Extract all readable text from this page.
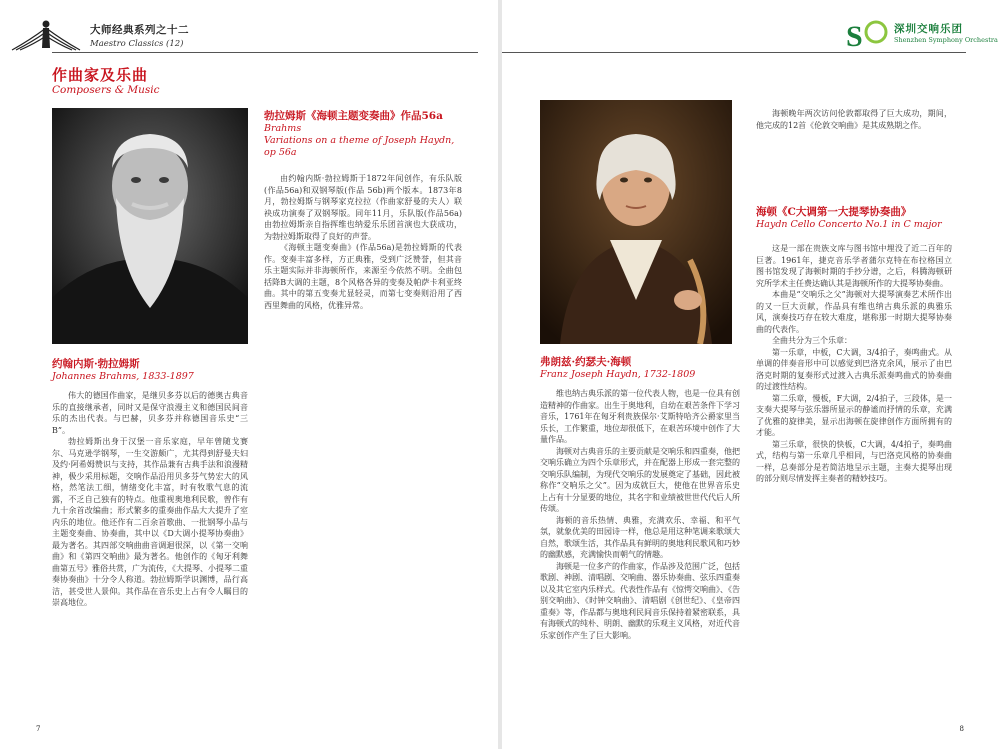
大师经典系列之十二
Maestro Classics (12)
作曲家及乐曲
Composers & Music
勃拉姆斯《海顿主题变奏曲》作品56a
Brahms
Variations on a theme of Joseph Haydn,
op 56a

由约翰内斯·勃拉姆斯于1872年间创作，有乐队版(作品56a)和双钢琴版(作品 56b)两个版本。1873年8月，勃拉姆斯与钢琴家克拉拉（作曲家舒曼的夫人）联袂成功演奏了双钢琴版。同年11月，乐队版(作品56a)由勃拉姆斯亲自指挥维也纳爱乐乐团首演也大获成功，为勃拉姆斯取得了良好的声誉。

《海顿主题变奏曲》(作品56a)是勃拉姆斯的代表作。变奏丰富多样，方正典雅，受到广泛赞誉，但其音乐主题实际并非海顿所作，来源至今依然不明。全曲包括降B大调的主题，8个风格各异的变奏及帕萨卡利亚终曲。其中的第五变奏尤显轻灵，而第七变奏则沿用了西西里舞曲的风格，优雅异常。

约翰内斯·勃拉姆斯
Johannes Brahms, 1833-1897

伟大的德国作曲家，是继贝多芬以后的德奥古典音乐的直接继承者，同时又是保守浪漫主义和德国民间音乐的杰出代表。与巴赫，贝多芬并称德国音乐史“三B”。

勃拉姆斯出身于汉堡一音乐家庭，早年曾随戈赛尔、马克逊学钢琴，一生交游颇广，尤其得到舒曼夫妇及约·阿希姆赞识与支持，其作品兼有古典手法和浪漫精神，极少采用标题，交响作品沿用贝多芬气势宏大的风格，然笔法工细，情绪变化丰富，时有牧歌气息的流露，不乏自己独有的特点。他重视奥地利民歌，曾作有九十余首改编曲；形式繁多的重奏曲作品大大提升了室内乐的地位。他还作有二百余首歌曲、一批钢琴小品与主题变奏曲、协奏曲，其中以《D大调小提琴协奏曲》最为著名。其四部交响曲曲音调迴很深，以《第一交响曲》和《第四交响曲》最为著名。他创作的《匈牙利舞曲第五号》雅俗共赏，广为流传，《大提琴、小提琴二重奏协奏曲》十分令人称道。勃拉姆斯学识渊博，品行高洁，甚受世人景仰。其作品在音乐史上占有令人瞩目的崇高地位。

7
S	深圳交响乐团
Shenzhen Symphony Orchestra
弗朗兹·约瑟夫·海顿
Franz Joseph Haydn, 1732-1809

维也纳古典乐派的第一位代表人物，也是一位具有创造精神的作曲家。出生于奥地利，自幼在艰苦条件下学习音乐，1761年在匈牙利贵族保尔·艾斯特哈齐公爵家里当乐长，工作繁重，地位却很低下，在艰苦环境中创作了大量作品。

海顿对古典音乐的主要贡献是交响乐和四重奏，他把交响乐确立为四个乐章形式，并在配器上形成一套完整的交响乐队编制，为现代交响乐的发展奠定了基础，因此被称作“交响乐之父”。因为成就巨大，使他在世界音乐史上占有十分显要的地位，其名字和业绩被世世代代后人所传颂。

海顿的音乐热情、典雅，充满欢乐、幸福、和平气氛，就象优美的田园诗一样，他总是用这种笔调来歌颂大自然，歌颂生活，其作品具有鲜明的奥地利民歌风和巧妙的幽默感，充满愉快而朝气的情趣。

海顿是一位多产的作曲家，作品涉及范围广泛，包括歌剧、神剧、清唱剧、交响曲、器乐协奏曲、弦乐四重奏以及其它室内乐样式。代表性作品有《惊愕交响曲》、《告别交响曲》、《时钟交响曲》、清唱剧《创世纪》、《皇帝四重奏》等，作品都与奥地利民间音乐保持着紧密联系，具有海顿式的纯朴、明朗、幽默的乐观主义风格，对近代音乐家创作产生了巨大影响。

海顿晚年两次访问伦敦都取得了巨大成功，期间，他完成的12首《伦敦交响曲》是其成熟期之作。

海顿《C大调第一大提琴协奏曲》
Haydn Cello Concerto No.1 in C major

这是一部在贵族文库与图书馆中埋没了近二百年的巨著。1961年，捷克音乐学者蒲尔克特在布拉格国立图书馆发现了海顿时期的手抄分谱，之后，科腾海顿研究所学术主任费达确认其是海顿所作的大提琴协奏曲。

本曲是“交响乐之父”海顿对大提琴演奏艺术所作出的又一巨大贡献，作品具有维也纳古典乐派的典雅乐风，演奏技巧存在较大难度，堪称那一时期大提琴协奏曲的代表作。

全曲共分为三个乐章：

第一乐章，中板，C大调，3/4拍子，奏鸣曲式。从单调的伴奏音形中可以感觉到巴洛克余风，展示了由巴洛克时期的复奏形式过渡入古典乐派奏鸣曲式的协奏曲的过渡性结构。

第二乐章，慢板，F大调，2/4拍子，三段体，是一支奏大提琴与弦乐器所显示的静谧而抒情的乐章，充满了优雅的旋律美，显示出海顿在旋律创作方面所拥有的才能。

第三乐章，很快的快板，C大调，4/4拍子，奏鸣曲式，结构与第一乐章几乎相同，与巴洛克风格的协奏曲一样，总奏部分是若简洁地呈示主题，主奏大提琴出现的部分则尽情发挥主奏者的精妙技巧。

8
